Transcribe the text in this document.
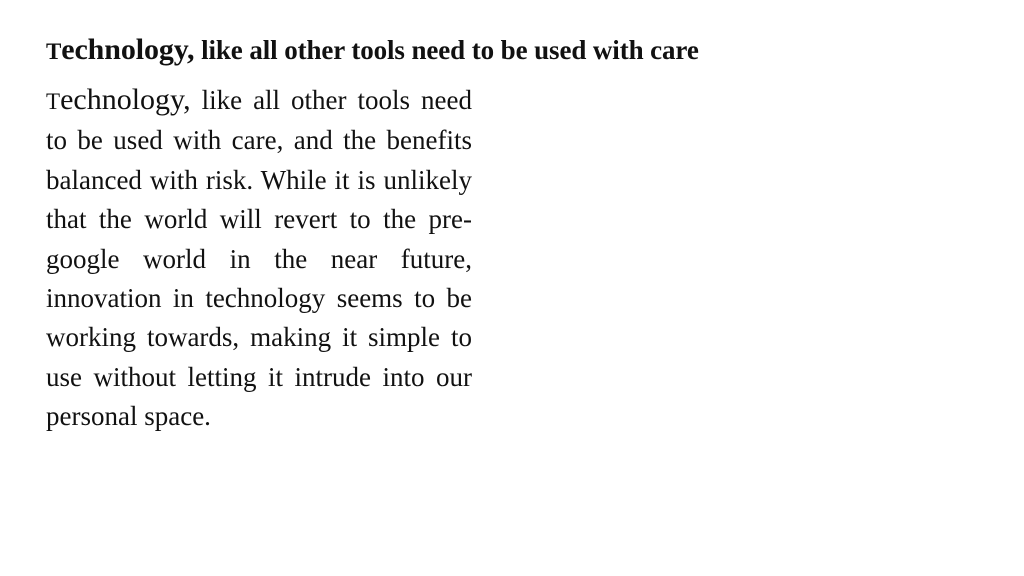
Technology, like all other tools need to be used with care

Technology, like all other tools need to be used with care, and the benefits balanced with risk. While it is unlikely that the world will revert to the pre-google world in the near future, innovation in technology seems to be working towards, making it simple to use without letting it intrude into our personal space.
